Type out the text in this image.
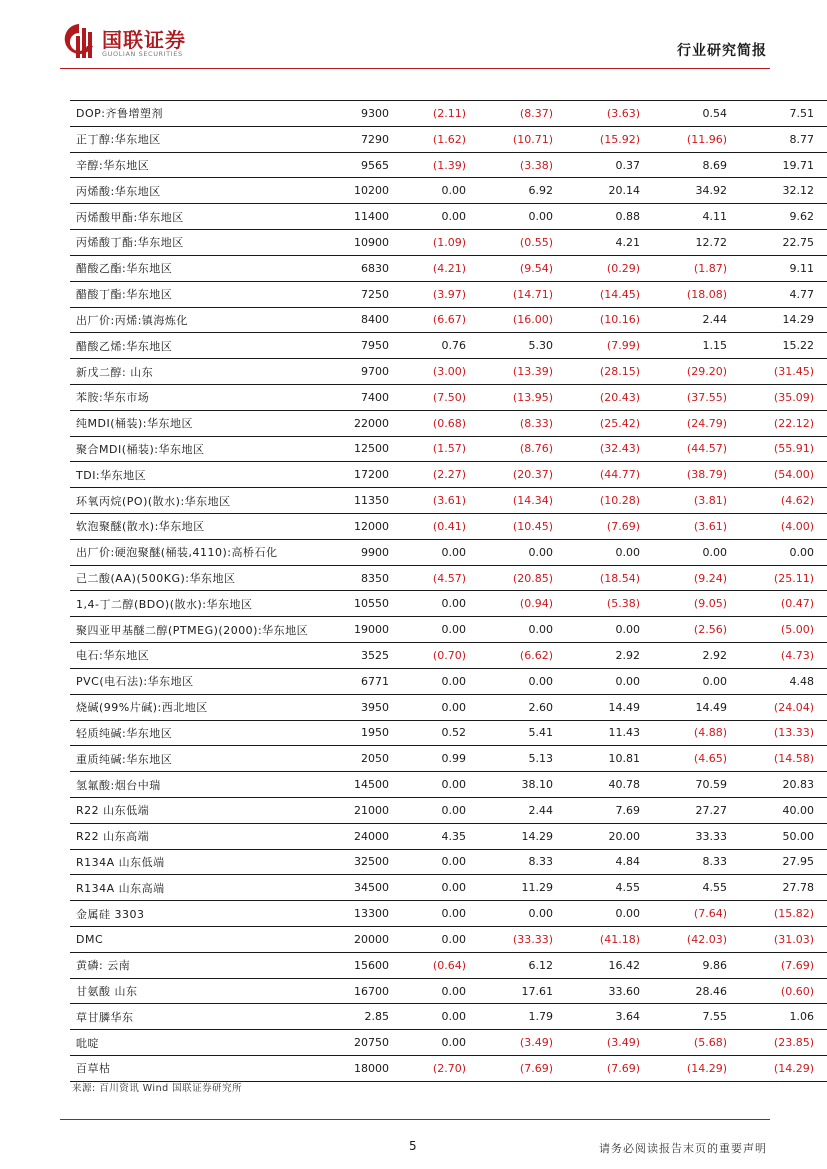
国联证券
GUOLIAN SECURITIES	行业研究简报
DOP:齐鲁增塑剂	9300	(2.11)	(8.37)	(3.63)	0.54	7.51
正丁醇:华东地区	7290	(1.62)	(10.71)	(15.92)	(11.96)	8.77
辛醇:华东地区	9565	(1.39)	(3.38)	0.37	8.69	19.71
丙烯酸:华东地区	10200	0.00	6.92	20.14	34.92	32.12
丙烯酸甲酯:华东地区	11400	0.00	0.00	0.88	4.11	9.62
丙烯酸丁酯:华东地区	10900	(1.09)	(0.55)	4.21	12.72	22.75
醋酸乙酯:华东地区	6830	(4.21)	(9.54)	(0.29)	(1.87)	9.11
醋酸丁酯:华东地区	7250	(3.97)	(14.71)	(14.45)	(18.08)	4.77
出厂价:丙烯:镇海炼化	8400	(6.67)	(16.00)	(10.16)	2.44	14.29
醋酸乙烯:华东地区	7950	0.76	5.30	(7.99)	1.15	15.22
新戊二醇: 山东	9700	(3.00)	(13.39)	(28.15)	(29.20)	(31.45)
苯胺:华东市场	7400	(7.50)	(13.95)	(20.43)	(37.55)	(35.09)
纯MDI(桶装):华东地区	22000	(0.68)	(8.33)	(25.42)	(24.79)	(22.12)
聚合MDI(桶装):华东地区	12500	(1.57)	(8.76)	(32.43)	(44.57)	(55.91)
TDI:华东地区	17200	(2.27)	(20.37)	(44.77)	(38.79)	(54.00)
环氧丙烷(PO)(散水):华东地区	11350	(3.61)	(14.34)	(10.28)	(3.81)	(4.62)
软泡聚醚(散水):华东地区	12000	(0.41)	(10.45)	(7.69)	(3.61)	(4.00)
出厂价:硬泡聚醚(桶装,4110):高桥石化	9900	0.00	0.00	0.00	0.00	0.00
己二酸(AA)(500KG):华东地区	8350	(4.57)	(20.85)	(18.54)	(9.24)	(25.11)
1,4-丁二醇(BDO)(散水):华东地区	10550	0.00	(0.94)	(5.38)	(9.05)	(0.47)
聚四亚甲基醚二醇(PTMEG)(2000):华东地区	19000	0.00	0.00	0.00	(2.56)	(5.00)
电石:华东地区	3525	(0.70)	(6.62)	2.92	2.92	(4.73)
PVC(电石法):华东地区	6771	0.00	0.00	0.00	0.00	4.48
烧碱(99%片碱):西北地区	3950	0.00	2.60	14.49	14.49	(24.04)
轻质纯碱:华东地区	1950	0.52	5.41	11.43	(4.88)	(13.33)
重质纯碱:华东地区	2050	0.99	5.13	10.81	(4.65)	(14.58)
氢氟酸:烟台中瑞	14500	0.00	38.10	40.78	70.59	20.83
R22 山东低端	21000	0.00	2.44	7.69	27.27	40.00
R22 山东高端	24000	4.35	14.29	20.00	33.33	50.00
R134A 山东低端	32500	0.00	8.33	4.84	8.33	27.95
R134A 山东高端	34500	0.00	11.29	4.55	4.55	27.78
金属硅 3303	13300	0.00	0.00	0.00	(7.64)	(15.82)
DMC	20000	0.00	(33.33)	(41.18)	(42.03)	(31.03)
黄磷: 云南	15600	(0.64)	6.12	16.42	9.86	(7.69)
甘氨酸 山东	16700	0.00	17.61	33.60	28.46	(0.60)
草甘膦华东	2.85	0.00	1.79	3.64	7.55	1.06
吡啶	20750	0.00	(3.49)	(3.49)	(5.68)	(23.85)
百草枯	18000	(2.70)	(7.69)	(7.69)	(14.29)	(14.29)
来源: 百川资讯 Wind 国联证券研究所
5	请务必阅读报告末页的重要声明
